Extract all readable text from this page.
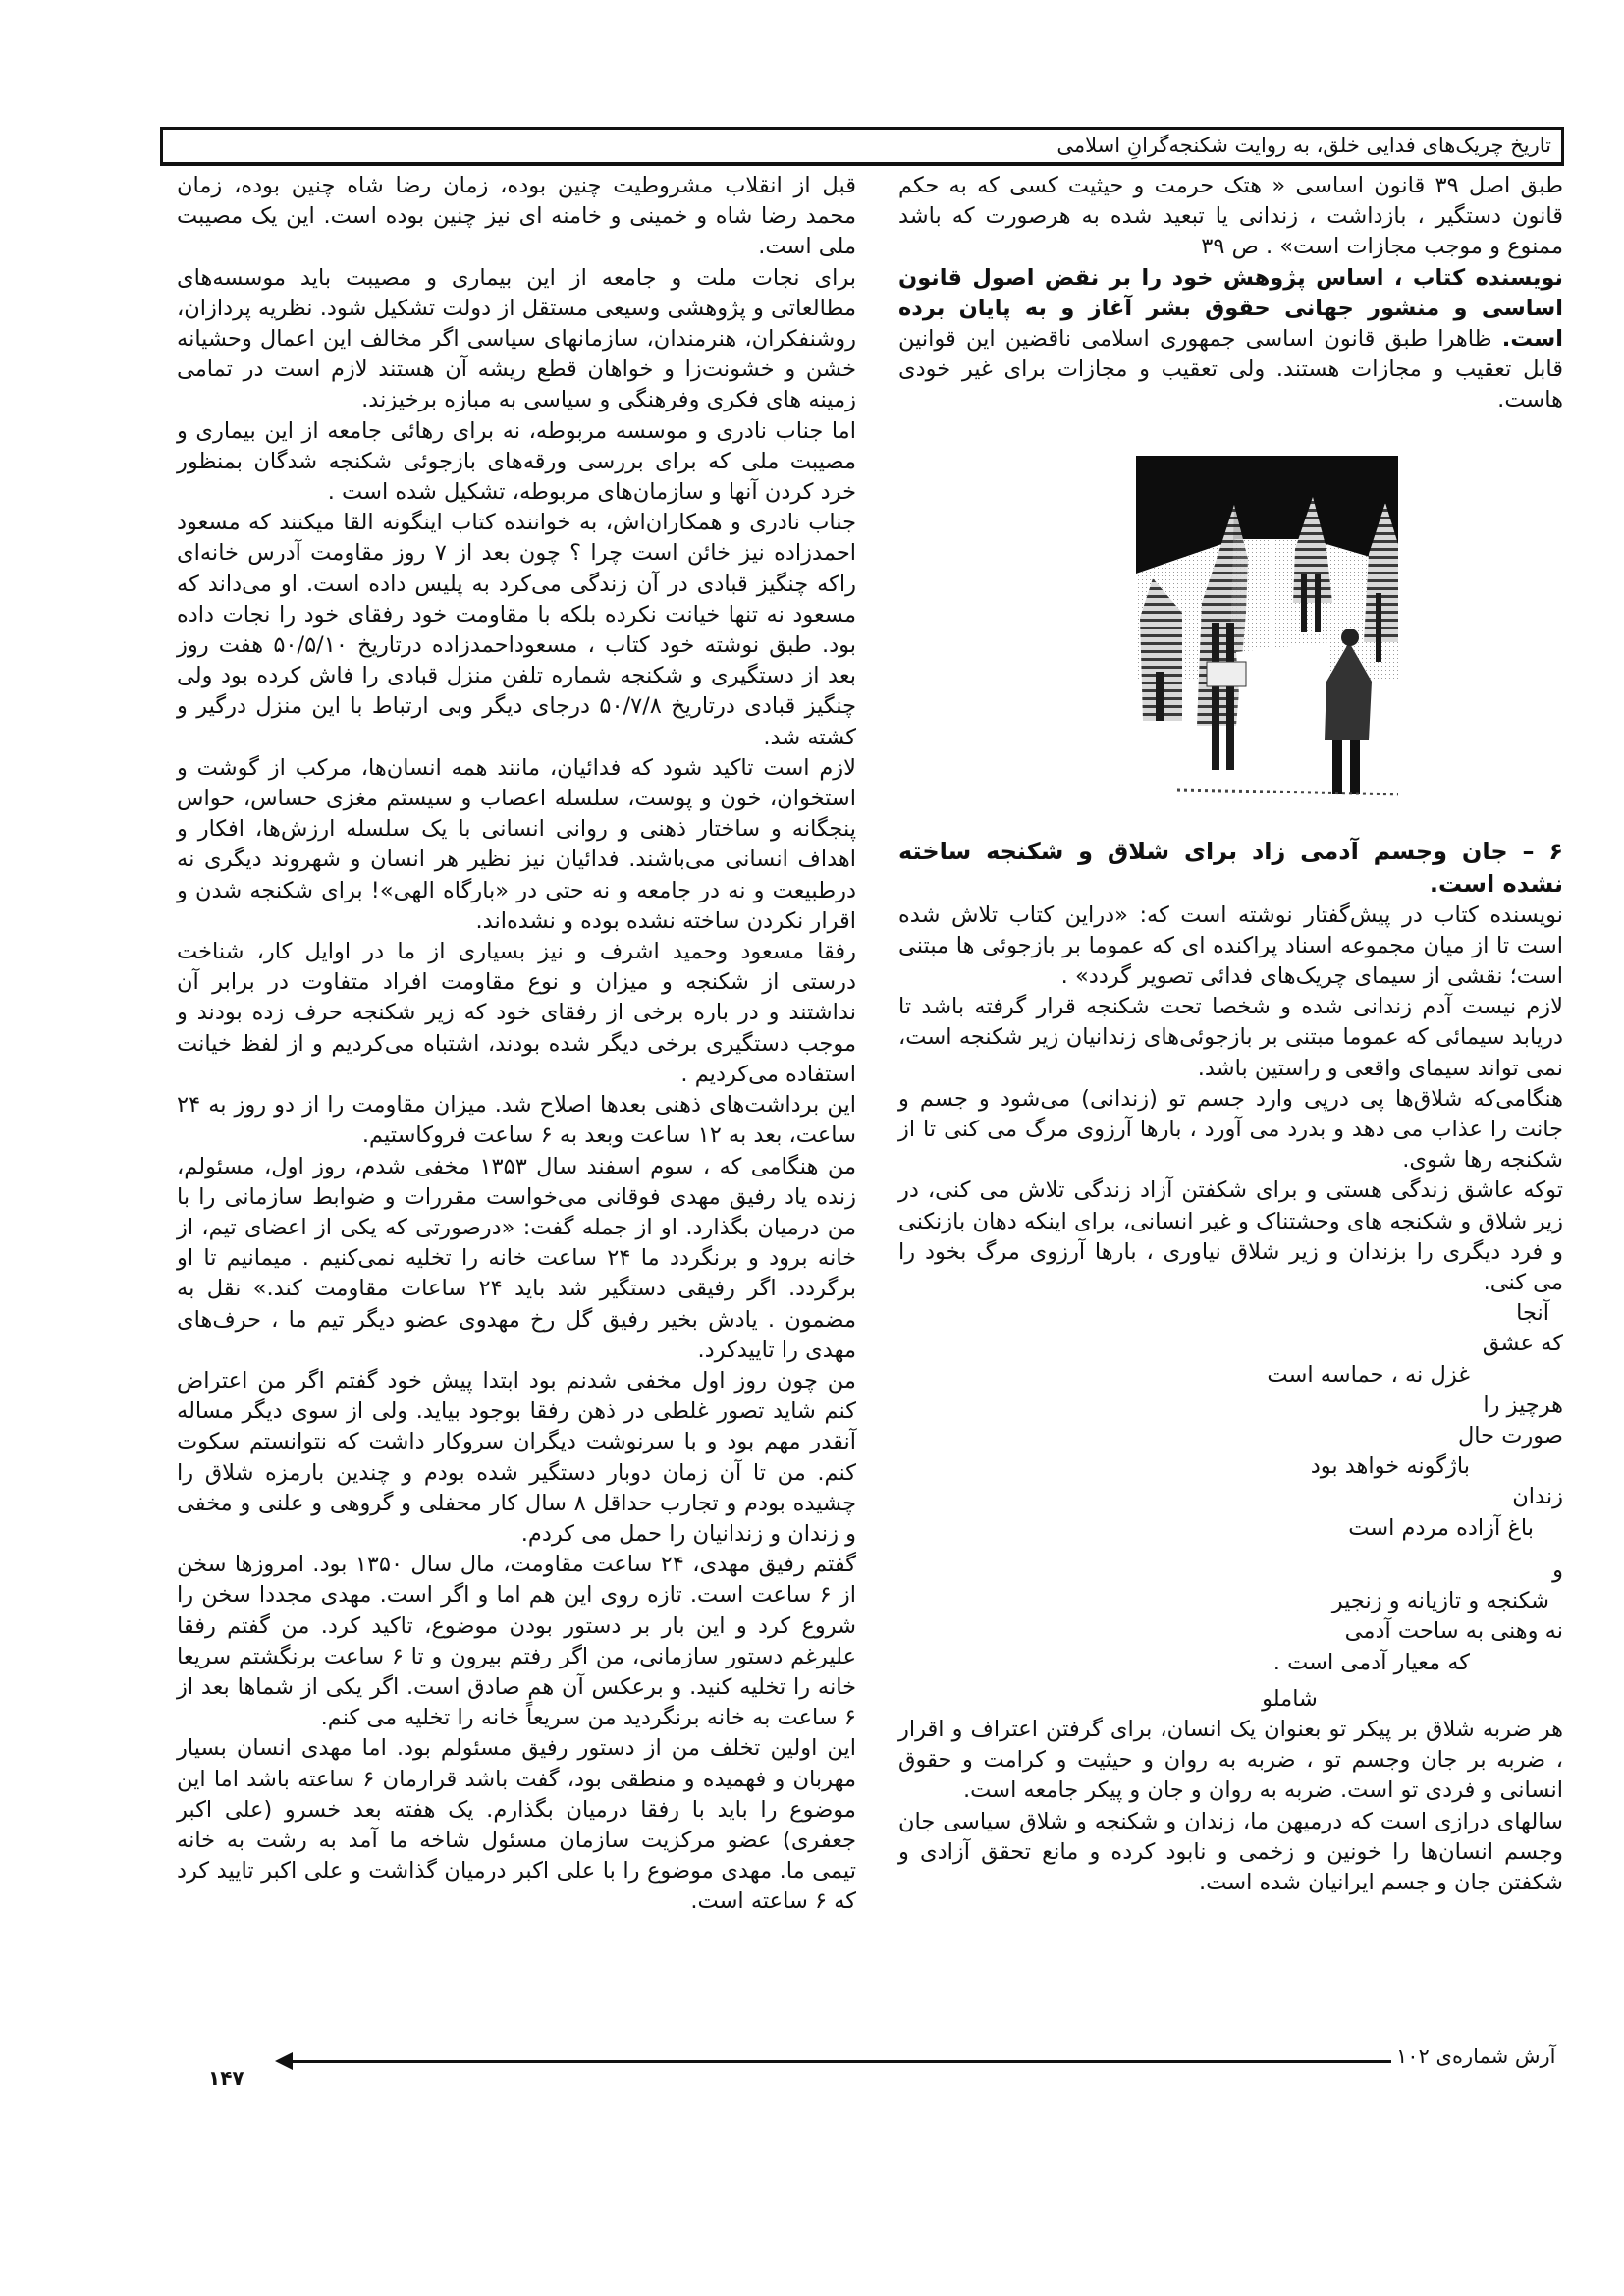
تاریخ چریک‌های فدایی خلق، به روایت شکنجه‌گرانِ اسلامی

طبق اصل ۳۹ قانون اساسی « هتک حرمت و حیثیت کسی که به حکم قانون دستگیر ، بازداشت ، زندانی یا تبعید شده به هرصورت که باشد ممنوع و موجب مجازات است» . ص ۳۹

نویسنده کتاب ، اساس پژوهش خود را بر نقض اصول قانون اساسی و منشور جهانی حقوق بشر آغاز و به پایان برده است. ظاهرا طبق قانون اساسی جمهوری اسلامی ناقضین این قوانین قابل تعقیب و مجازات هستند. ولی تعقیب و مجازات برای غیر خودی هاست.

۶ – جان وجسم آدمی زاد برای شلاق و شکنجه ساخته نشده است.

نویسنده کتاب در پیش‌گفتار نوشته است که: «دراین کتاب تلاش شده است تا از میان مجموعه اسناد پراکنده ای که عموما بر بازجوئی ها مبتنی است؛ نقشی از سیمای چریک‌های فدائی تصویر گردد» .

لازم نیست آدم زندانی شده و شخصا تحت شکنجه قرار گرفته باشد تا دریابد سیمائی که عموما مبتنی بر بازجوئی‌های زندانیان زیر شکنجه است، نمی تواند سیمای واقعی و راستین باشد.

هنگامی‌که شلاق‌ها پی درپی وارد جسم تو (زندانی) می‌شود و جسم و جانت را عذاب می دهد و بدرد می آورد ، بارها آرزوی مرگ می کنی تا از شکنجه رها شوی.

توکه عاشق زندگی هستی و برای شکفتن آزاد زندگی تلاش می کنی، در زیر شلاق و شکنجه های وحشتناک و غیر انسانی، برای اینکه دهان بازنکنی و فرد دیگری را بزندان و زیر شلاق نیاوری ، بارها آرزوی مرگ بخود را می کنی.

آنجا
که عشق
غزل نه ، حماسه است
هرچیز را
صورت حال
باژگونه خواهد بود
زندان
باغ آزاده مردم است
و
شکنجه و تازیانه و زنجیر
نه وهنی به ساحت آدمی
که معیار آدمی است .
شاملو

هر ضربه شلاق بر پیکر تو بعنوان یک انسان، برای گرفتن اعتراف و اقرار ، ضربه بر جان وجسم تو ، ضربه به روان و حیثیت و کرامت و حقوق انسانی و فردی تو است. ضربه به روان و جان و پیکر جامعه است.

سالهای درازی است که درمیهن ما، زندان و شکنجه و شلاق سیاسی جان وجسم انسان‌ها را خونین و زخمی و نابود کرده و مانع تحقق آزادی و شکفتن جان و جسم ایرانیان شده است.

قبل از انقلاب مشروطیت چنین بوده، زمان رضا شاه چنین بوده، زمان محمد رضا شاه و خمینی و خامنه ای نیز چنین بوده است. این یک مصیبت ملی است.

برای نجات ملت و جامعه از این بیماری و مصیبت باید موسسه‌های مطالعاتی و پژوهشی وسیعی مستقل از دولت تشکیل شود. نظریه پردازان، روشنفکران، هنرمندان، سازمانهای سیاسی اگر مخالف این اعمال وحشیانه خشن و خشونت‌زا و خواهان قطع ریشه آن هستند لازم است در تمامی زمینه های فکری وفرهنگی و سیاسی به مبازه برخیزند.

اما جناب نادری و موسسه مربوطه، نه برای رهائی جامعه از این بیماری و مصیبت ملی که برای بررسی ورقه‌های بازجوئی شکنجه شدگان بمنظور خرد کردن آنها و سازمان‌های مربوطه، تشکیل شده است .

جناب نادری و همکاران‌اش، به خواننده کتاب اینگونه القا میکنند که مسعود احمدزاده نیز خائن است چرا ؟ چون بعد از ۷ روز مقاومت آدرس خانه‌ای راکه چنگیز قبادی در آن زندگی می‌کرد به پلیس داده است. او می‌داند که مسعود نه تنها خیانت نکرده بلکه با مقاومت خود رفقای خود را نجات داده بود. طبق نوشته خود کتاب ، مسعوداحمدزاده درتاریخ ۵۰/۵/۱۰ هفت روز بعد از دستگیری و شکنجه شماره تلفن منزل قبادی را فاش کرده بود ولی چنگیز قبادی درتاریخ ۵۰/۷/۸ درجای دیگر وبی ارتباط با این منزل درگیر و کشته شد.

لازم است تاکید شود که فدائیان، مانند همه انسان‌ها، مرکب از گوشت و استخوان، خون و پوست، سلسله اعصاب و سیستم مغزی حساس، حواس پنجگانه و ساختار ذهنی و روانی انسانی با یک سلسله ارزش‌ها، افکار و اهداف انسانی می‌باشند. فدائیان نیز نظیر هر انسان و شهروند دیگری نه درطبیعت و نه در جامعه و نه حتی در «بارگاه الهی»! برای شکنجه شدن و اقرار نکردن ساخته نشده بوده و نشده‌اند.

رفقا مسعود وحمید اشرف و نیز بسیاری از ما در اوایل کار، شناخت درستی از شکنجه و میزان و نوع مقاومت افراد متفاوت در برابر آن نداشتند و در باره برخی از رفقای خود که زیر شکنجه حرف زده بودند و موجب دستگیری برخی دیگر شده بودند، اشتباه می‌کردیم و از لفظ خیانت استفاده می‌کردیم .

این برداشت‌های ذهنی بعدها اصلاح شد. میزان مقاومت را از دو روز به ۲۴ ساعت، بعد به ۱۲ ساعت وبعد به ۶ ساعت فروکاستیم.

من هنگامی که ، سوم اسفند سال ۱۳۵۳ مخفی شدم، روز اول، مسئولم، زنده یاد رفیق مهدی فوقانی می‌خواست مقررات و ضوابط سازمانی را با من درمیان بگذارد. او از جمله گفت: «درصورتی که یکی از اعضای تیم، از خانه برود و برنگردد ما ۲۴ ساعت خانه را تخلیه نمی‌کنیم . میمانیم تا او برگردد. اگر رفیقی دستگیر شد باید ۲۴ ساعات مقاومت کند.» نقل به مضمون . یادش بخیر رفیق گل رخ مهدوی عضو دیگر تیم ما ، حرف‌های مهدی را تاییدکرد.

من چون روز اول مخفی شدنم بود ابتدا پیش خود گفتم اگر من اعتراض کنم شاید تصور غلطی در ذهن رفقا بوجود بیاید. ولی از سوی دیگر مساله آنقدر مهم بود و با سرنوشت دیگران سروکار داشت که نتوانستم سکوت کنم. من تا آن زمان دوبار دستگیر شده بودم و چندین بارمزه شلاق را چشیده بودم و تجارب حداقل ۸ سال کار محفلی و گروهی و علنی و مخفی و زندان و زندانیان را حمل می کردم.

گفتم رفیق مهدی، ۲۴ ساعت مقاومت، مال سال ۱۳۵۰ بود. امروزها سخن از ۶ ساعت است. تازه روی این هم اما و اگر است. مهدی مجددا سخن را شروع کرد و این بار بر دستور بودن موضوع، تاکید کرد. من گفتم رفقا علیرغم دستور سازمانی، من اگر رفتم بیرون و تا ۶ ساعت برنگشتم سریعا خانه را تخلیه کنید. و برعکس آن هم صادق است. اگر یکی از شماها بعد از ۶ ساعت به خانه برنگردید من سریعاً خانه را تخلیه می کنم.

این اولین تخلف من از دستور رفیق مسئولم بود. اما مهدی انسان بسیار مهربان و فهمیده و منطقی بود، گفت باشد قرارمان ۶ ساعته باشد اما این موضوع را باید با رفقا درمیان بگذارم. یک هفته بعد خسرو (علی اکبر جعفری) عضو مرکزیت سازمان مسئول شاخه ما آمد به رشت به خانه تیمی ما. مهدی موضوع را با علی اکبر درمیان گذاشت و علی اکبر تایید کرد که ۶ ساعته است.

۱۴۷
آرش شماره‌ی ۱۰۲
